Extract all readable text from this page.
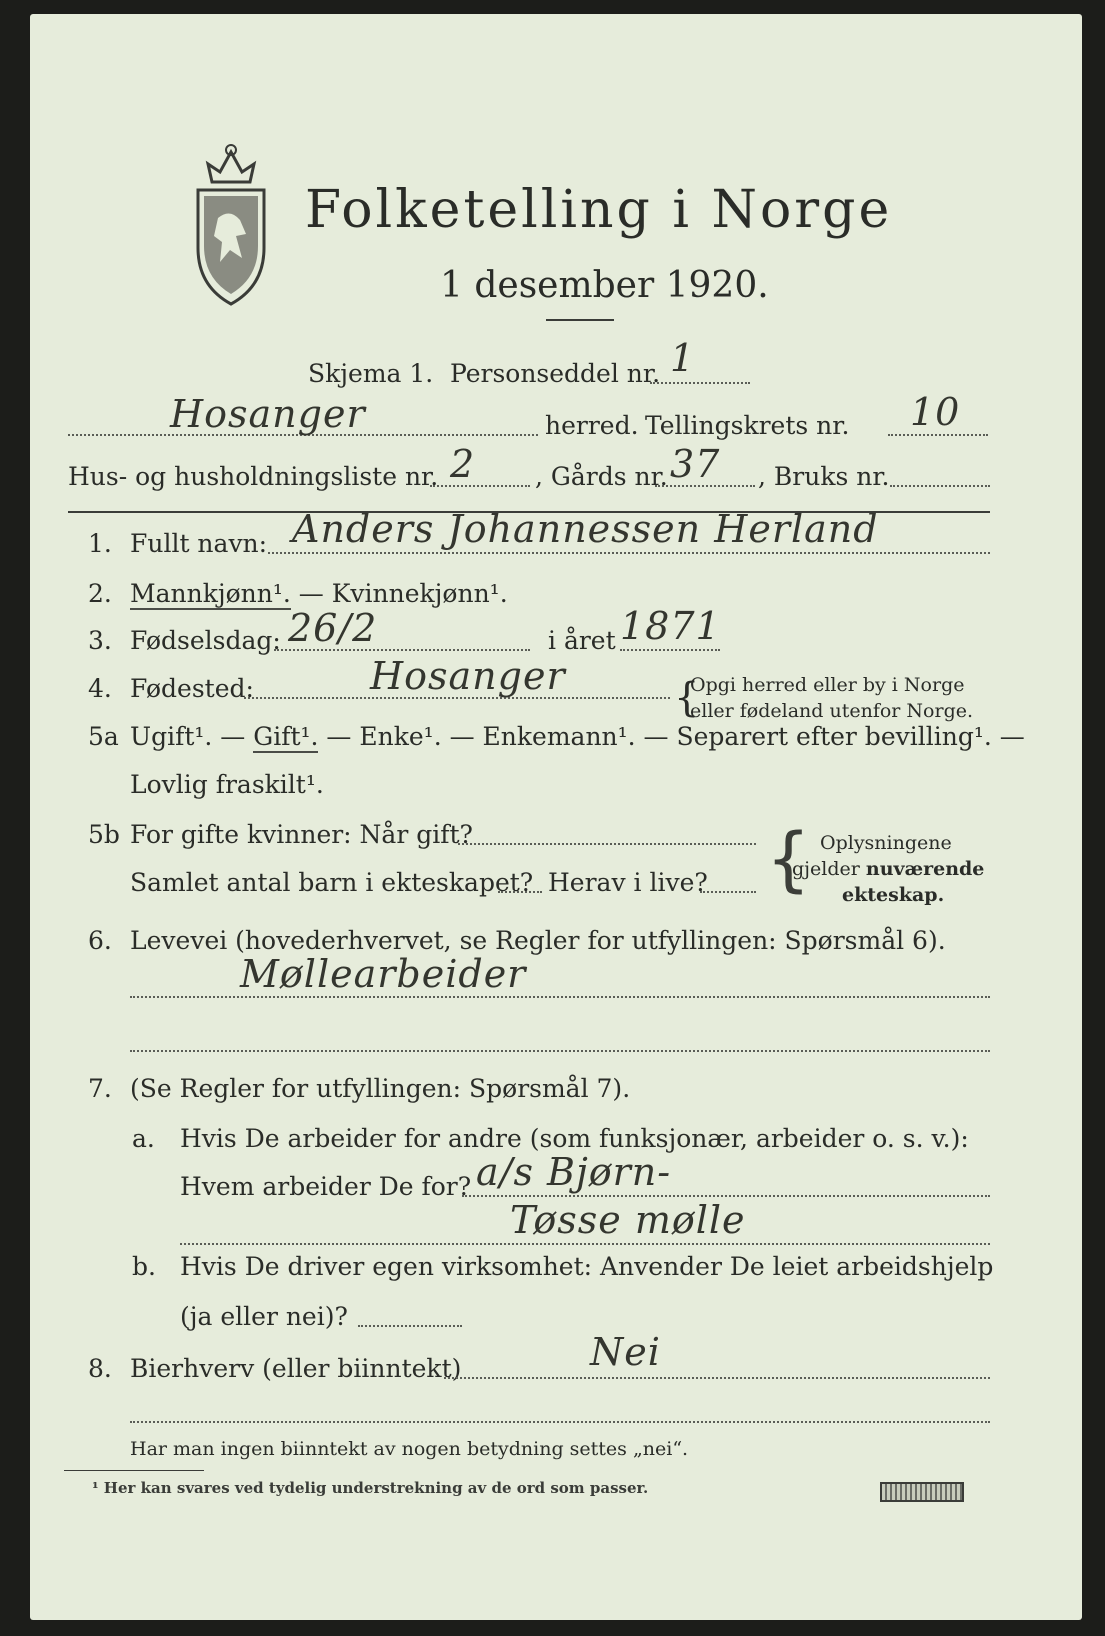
Folketelling i Norge
1 desember 1920.
Skjema 1. Personseddel nr. 1
Hosanger	herred. Tellingskrets nr. 10
Hus- og husholdningsliste nr. 2 , Gårds nr. 37 , Bruks nr.
1. Fullt navn: Anders Johannessen Herland
2. Mannkjønn¹. — Kvinnekjønn¹.
3. Fødselsdag: 26/2	i året 1871
4. Fødested:	Hosanger	{
Opgi herred eller by i Norge
eller fødeland utenfor Norge.
5a Ugift¹. — Gift¹. — Enke¹. — Enkemann¹. — Separert efter bevilling¹. —
Lovlig fraskilt¹.
5b For gifte kvinner: Når gift?
Samlet antal barn i ekteskapet? Herav i live? { Oplysningene
gjelder nuværende
ekteskap.
6. Levevei (hovederhvervet, se Regler for utfyllingen: Spørsmål 6).
Møllearbeider
7. (Se Regler for utfyllingen: Spørsmål 7).
a. Hvis De arbeider for andre (som funksjonær, arbeider o. s. v.):
Hvem arbeider De for? a/s Bjørn-
Tøsse mølle
b. Hvis De driver egen virksomhet: Anvender De leiet arbeidshjelp
(ja eller nei)?
8. Bierhverv (eller biinntekt)	Nei
Har man ingen biinntekt av nogen betydning settes „nei“.
¹ Her kan svares ved tydelig understrekning av de ord som passer.
